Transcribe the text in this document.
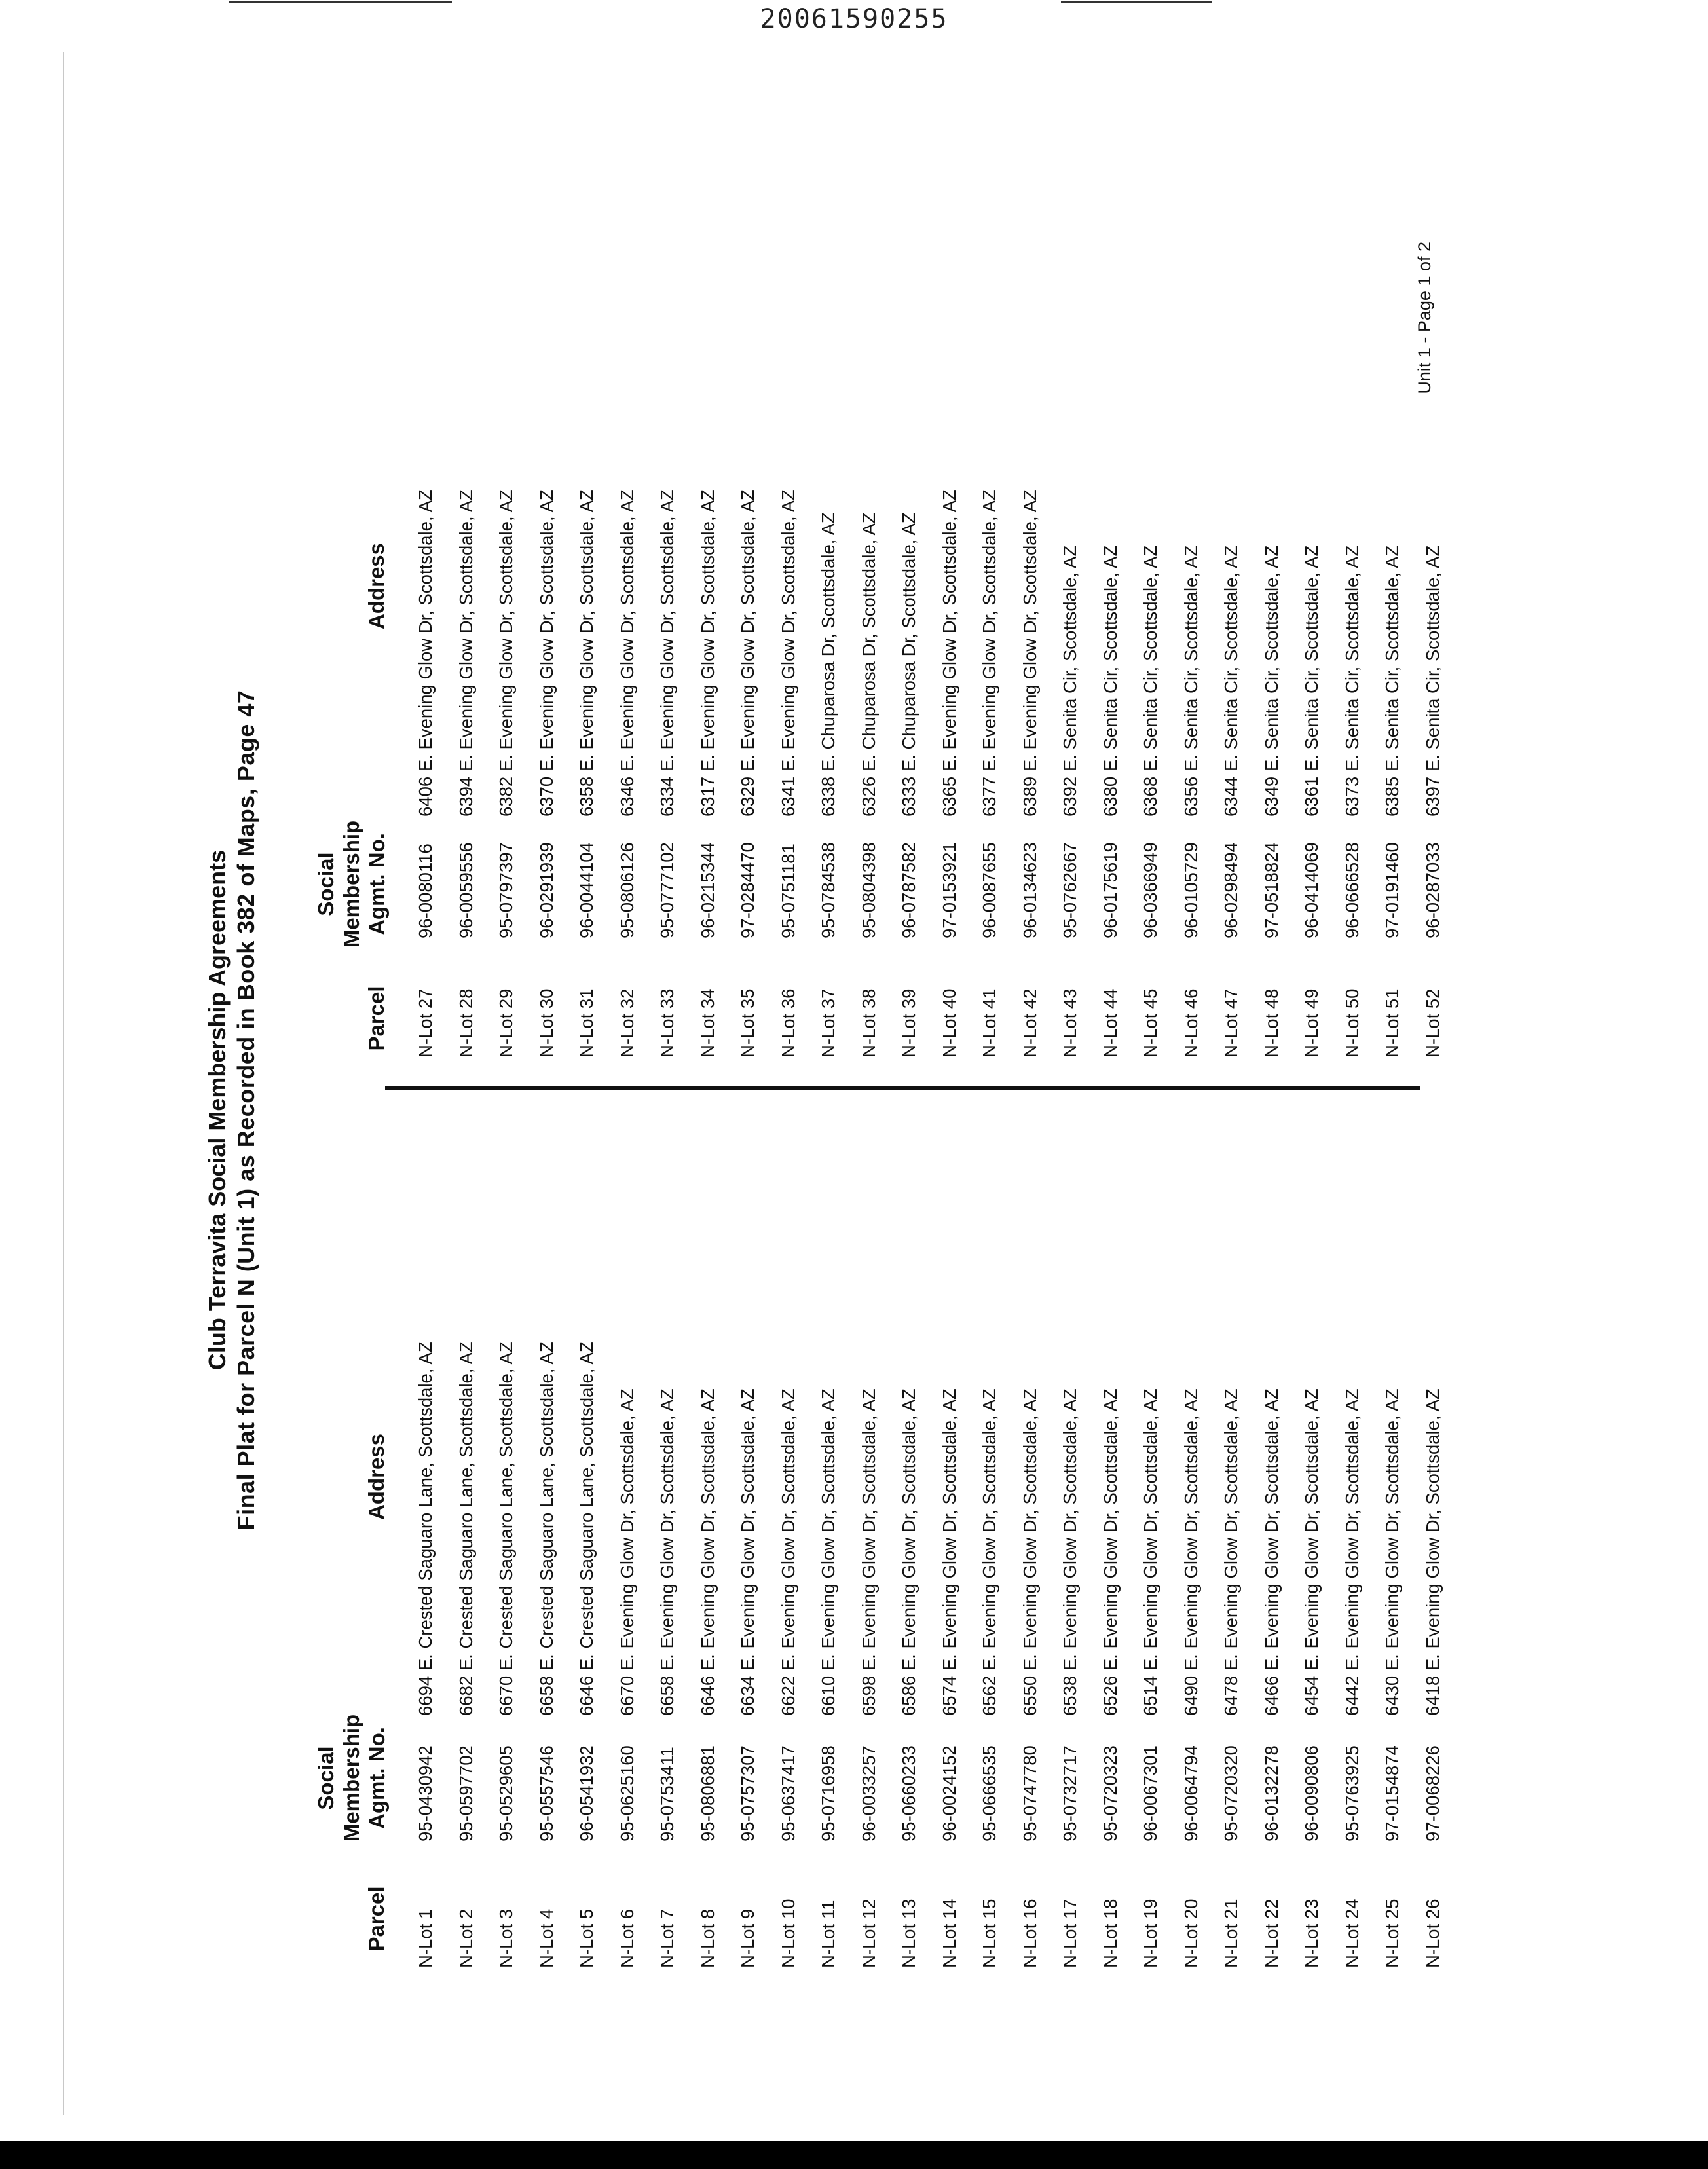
20061590255

Club Terravita Social Membership Agreements Final Plat for Parcel N (Unit 1) as Recorded in Book 382 of Maps, Page 47

Parcel
Social Membership Agmt. No.
Address
Parcel
Social Membership Agmt. No.
Address
N-Lot 1
95-0430942
6694 E. Crested Saguaro Lane, Scottsdale, AZ
N-Lot 2
95-0597702
6682 E. Crested Saguaro Lane, Scottsdale, AZ
N-Lot 3
95-0529605
6670 E. Crested Saguaro Lane, Scottsdale, AZ
N-Lot 4
95-0557546
6658 E. Crested Saguaro Lane, Scottsdale, AZ
N-Lot 5
96-0541932
6646 E. Crested Saguaro Lane, Scottsdale, AZ
N-Lot 6
95-0625160
6670 E. Evening Glow Dr, Scottsdale, AZ
N-Lot 7
95-0753411
6658 E. Evening Glow Dr, Scottsdale, AZ
N-Lot 8
95-0806881
6646 E. Evening Glow Dr, Scottsdale, AZ
N-Lot 9
95-0757307
6634 E. Evening Glow Dr, Scottsdale, AZ
N-Lot 10
95-0637417
6622 E. Evening Glow Dr, Scottsdale, AZ
N-Lot 11
95-0716958
6610 E. Evening Glow Dr, Scottsdale, AZ
N-Lot 12
96-0033257
6598 E. Evening Glow Dr, Scottsdale, AZ
N-Lot 13
95-0660233
6586 E. Evening Glow Dr, Scottsdale, AZ
N-Lot 14
96-0024152
6574 E. Evening Glow Dr, Scottsdale, AZ
N-Lot 15
95-0666535
6562 E. Evening Glow Dr, Scottsdale, AZ
N-Lot 16
95-0747780
6550 E. Evening Glow Dr, Scottsdale, AZ
N-Lot 17
95-0732717
6538 E. Evening Glow Dr, Scottsdale, AZ
N-Lot 18
95-0720323
6526 E. Evening Glow Dr, Scottsdale, AZ
N-Lot 19
96-0067301
6514 E. Evening Glow Dr, Scottsdale, AZ
N-Lot 20
96-0064794
6490 E. Evening Glow Dr, Scottsdale, AZ
N-Lot 21
95-0720320
6478 E. Evening Glow Dr, Scottsdale, AZ
N-Lot 22
96-0132278
6466 E. Evening Glow Dr, Scottsdale, AZ
N-Lot 23
96-0090806
6454 E. Evening Glow Dr, Scottsdale, AZ
N-Lot 24
95-0763925
6442 E. Evening Glow Dr, Scottsdale, AZ
N-Lot 25
97-0154874
6430 E. Evening Glow Dr, Scottsdale, AZ
N-Lot 26
97-0068226
6418 E. Evening Glow Dr, Scottsdale, AZ
N-Lot 27
96-0080116
6406 E. Evening Glow Dr, Scottsdale, AZ
N-Lot 28
96-0059556
6394 E. Evening Glow Dr, Scottsdale, AZ
N-Lot 29
95-0797397
6382 E. Evening Glow Dr, Scottsdale, AZ
N-Lot 30
96-0291939
6370 E. Evening Glow Dr, Scottsdale, AZ
N-Lot 31
96-0044104
6358 E. Evening Glow Dr, Scottsdale, AZ
N-Lot 32
95-0806126
6346 E. Evening Glow Dr, Scottsdale, AZ
N-Lot 33
95-0777102
6334 E. Evening Glow Dr, Scottsdale, AZ
N-Lot 34
96-0215344
6317 E. Evening Glow Dr, Scottsdale, AZ
N-Lot 35
97-0284470
6329 E. Evening Glow Dr, Scottsdale, AZ
N-Lot 36
95-0751181
6341 E. Evening Glow Dr, Scottsdale, AZ
N-Lot 37
95-0784538
6338 E. Chuparosa Dr, Scottsdale, AZ
N-Lot 38
95-0804398
6326 E. Chuparosa Dr, Scottsdale, AZ
N-Lot 39
96-0787582
6333 E. Chuparosa Dr, Scottsdale, AZ
N-Lot 40
97-0153921
6365 E. Evening Glow Dr, Scottsdale, AZ
N-Lot 41
96-0087655
6377 E. Evening Glow Dr, Scottsdale, AZ
N-Lot 42
96-0134623
6389 E. Evening Glow Dr, Scottsdale, AZ
N-Lot 43
95-0762667
6392 E. Senita Cir, Scottsdale, AZ
N-Lot 44
96-0175619
6380 E. Senita Cir, Scottsdale, AZ
N-Lot 45
96-0366949
6368 E. Senita Cir, Scottsdale, AZ
N-Lot 46
96-0105729
6356 E. Senita Cir, Scottsdale, AZ
N-Lot 47
96-0298494
6344 E. Senita Cir, Scottsdale, AZ
N-Lot 48
97-0518824
6349 E. Senita Cir, Scottsdale, AZ
N-Lot 49
96-0414069
6361 E. Senita Cir, Scottsdale, AZ
N-Lot 50
96-0666528
6373 E. Senita Cir, Scottsdale, AZ
N-Lot 51
97-0191460
6385 E. Senita Cir, Scottsdale, AZ
N-Lot 52
96-0287033
6397 E. Senita Cir, Scottsdale, AZ
Unit 1 - Page 1 of 2
